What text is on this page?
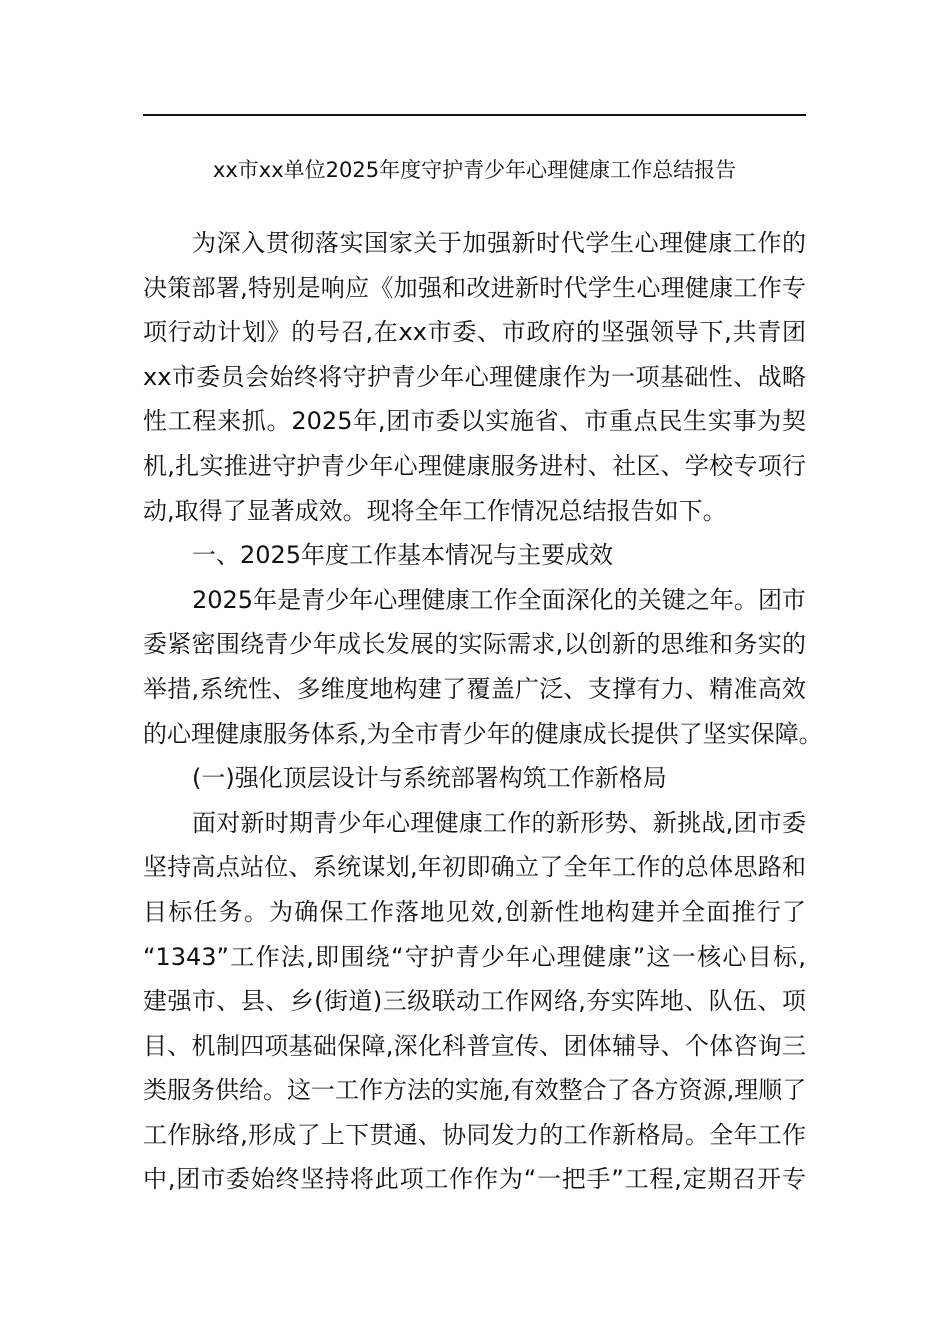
xx市xx单位2025年度守护青少年心理健康工作总结报告
为深入贯彻落实国家关于加强新时代学生心理健康工作的
决策部署,特别是响应《加强和改进新时代学生心理健康工作专
项行动计划》的号召,在xx市委、市政府的坚强领导下,共青团
xx市委员会始终将守护青少年心理健康作为一项基础性、战略
性工程来抓。2025年,团市委以实施省、市重点民生实事为契
机,扎实推进守护青少年心理健康服务进村、社区、学校专项行
动,取得了显著成效。现将全年工作情况总结报告如下。
一、2025年度工作基本情况与主要成效
2025年是青少年心理健康工作全面深化的关键之年。团市
委紧密围绕青少年成长发展的实际需求,以创新的思维和务实的
举措,系统性、多维度地构建了覆盖广泛、支撑有力、精准高效
的心理健康服务体系,为全市青少年的健康成长提供了坚实保障。
(一)强化顶层设计与系统部署构筑工作新格局
面对新时期青少年心理健康工作的新形势、新挑战,团市委
坚持高点站位、系统谋划,年初即确立了全年工作的总体思路和
目标任务。为确保工作落地见效,创新性地构建并全面推行了
“1343”工作法,即围绕“守护青少年心理健康”这一核心目标,
建强市、县、乡(街道)三级联动工作网络,夯实阵地、队伍、项
目、机制四项基础保障,深化科普宣传、团体辅导、个体咨询三
类服务供给。这一工作方法的实施,有效整合了各方资源,理顺了
工作脉络,形成了上下贯通、协同发力的工作新格局。全年工作
中,团市委始终坚持将此项工作作为“一把手”工程,定期召开专
